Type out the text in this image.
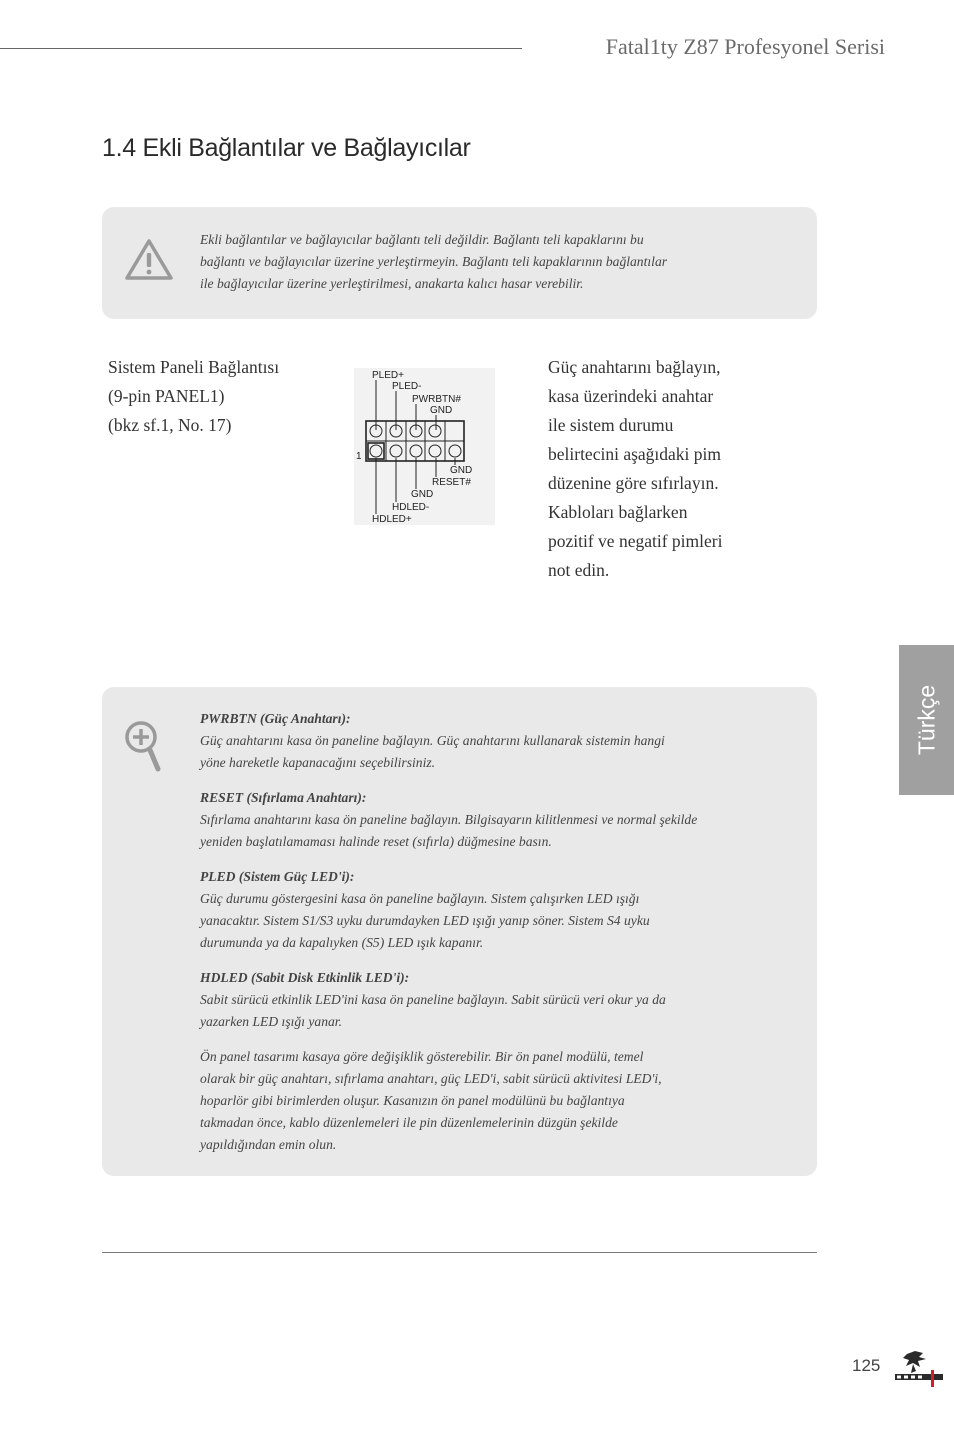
Fatal1ty Z87 Profesyonel Serisi
1.4 Ekli Bağlantılar ve Bağlayıcılar
Ekli bağlantılar ve bağlayıcılar bağlantı teli değildir. Bağlantı teli kapaklarını bu
bağlantı ve bağlayıcılar üzerine yerleştirmeyin. Bağlantı teli kapaklarının bağlantılar
ile bağlayıcılar üzerine yerleştirilmesi, anakarta kalıcı hasar verebilir.
Sistem Paneli Bağlantısı
(9-pin PANEL1)
(bkz sf.1, No. 17)
PLED+
PLED-
PWRBTN#
GND
1
GND
RESET#
GND
HDLED-
HDLED+
Güç anahtarını bağlayın,
kasa üzerindeki anahtar
ile sistem durumu
belirtecini aşağıdaki pim
düzenine göre sıfırlayın.
Kabloları bağlarken
pozitif ve negatif pimleri
not edin.
Türkçe
PWRBTN (Güç Anahtarı):
Güç anahtarını kasa ön paneline bağlayın. Güç anahtarını kullanarak sistemin hangi
yöne hareketle kapanacağını seçebilirsiniz.
RESET (Sıfırlama Anahtarı):
Sıfırlama anahtarını kasa ön paneline bağlayın. Bilgisayarın kilitlenmesi ve normal şekilde
yeniden başlatılamaması halinde reset (sıfırla) düğmesine basın.
PLED (Sistem Güç LED'i):
Güç durumu göstergesini kasa ön paneline bağlayın. Sistem çalışırken LED ışığı
yanacaktır. Sistem S1/S3 uyku durumdayken LED ışığı yanıp söner. Sistem S4 uyku
durumunda ya da kapalıyken (S5) LED ışık kapanır.
HDLED (Sabit Disk Etkinlik LED'i):
Sabit sürücü etkinlik LED'ini kasa ön paneline bağlayın. Sabit sürücü veri okur ya da
yazarken LED ışığı yanar.
Ön panel tasarımı kasaya göre değişiklik gösterebilir. Bir ön panel modülü, temel
olarak bir güç anahtarı, sıfırlama anahtarı, güç LED'i, sabit sürücü aktivitesi LED'i,
hoparlör gibi birimlerden oluşur. Kasanızın ön panel modülünü bu bağlantıya
takmadan önce, kablo düzenlemeleri ile pin düzenlemelerinin düzgün şekilde
yapıldığından emin olun.
125
